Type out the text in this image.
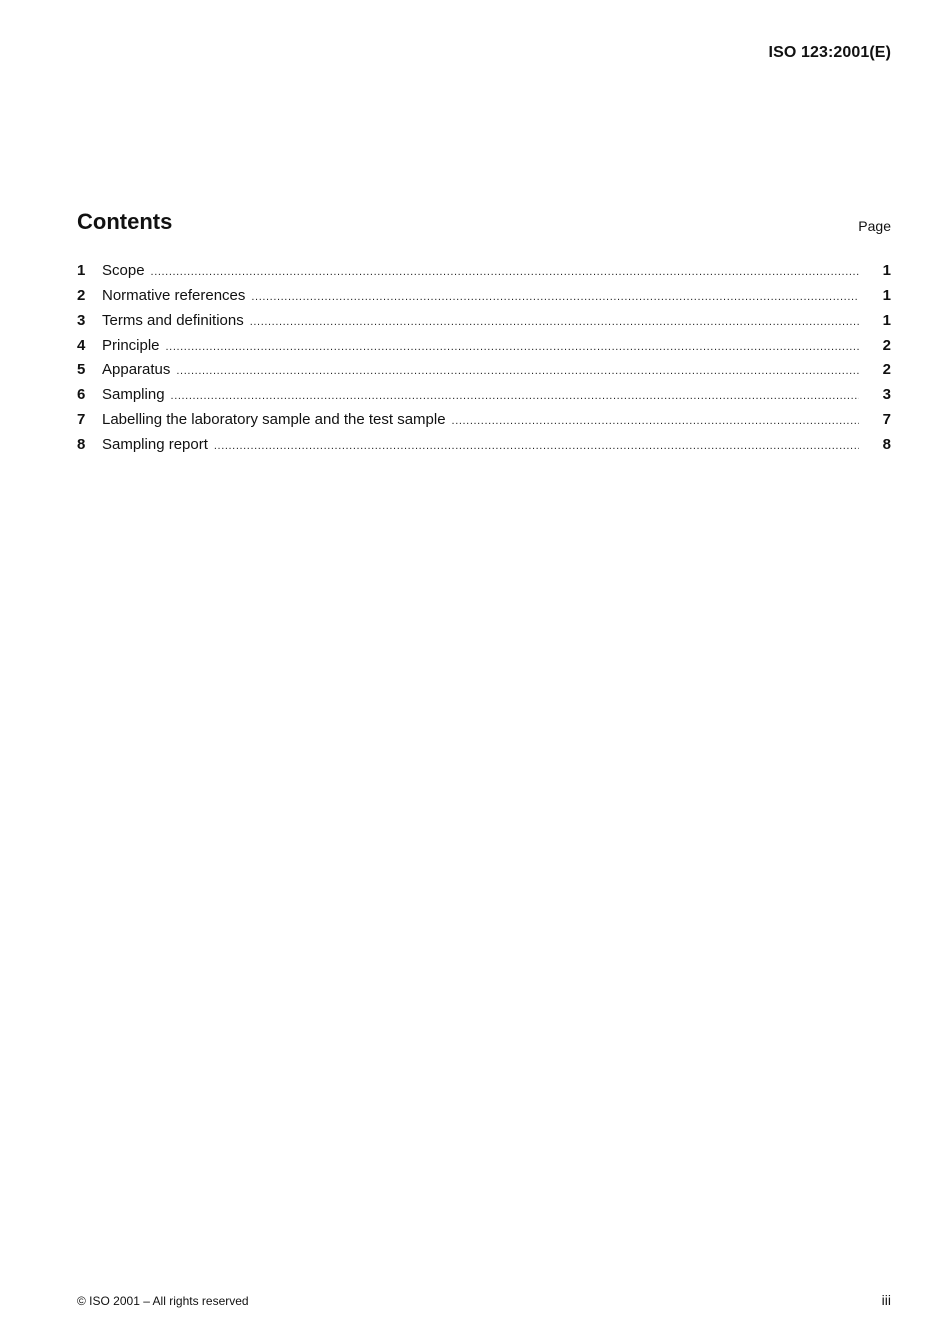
ISO 123:2001(E)
Contents	Page
1	Scope .....	1
2	Normative references .....	1
3	Terms and definitions .....	1
4	Principle .....	2
5	Apparatus .....	2
6	Sampling .....	3
7	Labelling the laboratory sample and the test sample .....	7
8	Sampling report .....	8
© ISO 2001 – All rights reserved	iii
